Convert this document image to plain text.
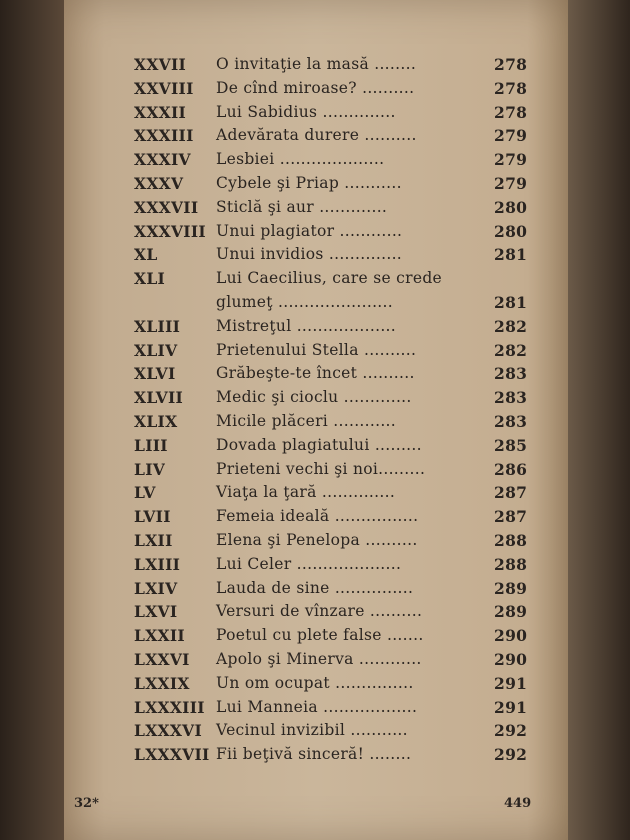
XXVII O invitaţie la masă ........	278
XXVIII De cînd miroase? ..........	278
XXXII Lui Sabidius ..............	278
XXXIII Adevărata durere ..........	279
XXXIV Lesbiei ....................	279
XXXV Cybele şi Priap ...........	279
XXXVII Sticlă şi aur .............	280
XXXVIII Unui plagiator ............	280
XL	Unui invidios ..............	281
XLI	Lui Caecilius, care se crede
glumeţ ......................	281
XLIII Mistreţul ...................	282
XLIV Prietenului Stella ..........	282
XLVI	Grăbeşte-te încet ..........	283
XLVII Medic şi cioclu .............	283
XLIX Micile plăceri ............	283
LIII	Dovada plagiatului .........	285
LIV	Prieteni vechi şi noi.........	286
LV	Viaţa la ţară ..............	287
LVII	Femeia ideală ................	287
LXII	Elena şi Penelopa ..........	288
LXIII Lui Celer ....................	288
LXIV Lauda de sine ...............	289
LXVI Versuri de vînzare ..........	289
LXXII Poetul cu plete false .......	290
LXXVI Apolo şi Minerva ............	290
LXXIX Un om ocupat ...............	291
LXXXIII Lui Manneia ..................	291
LXXXVI Vecinul invizibil ...........	292
LXXXVII Fii beţivă sinceră! ........	292
32*	449
